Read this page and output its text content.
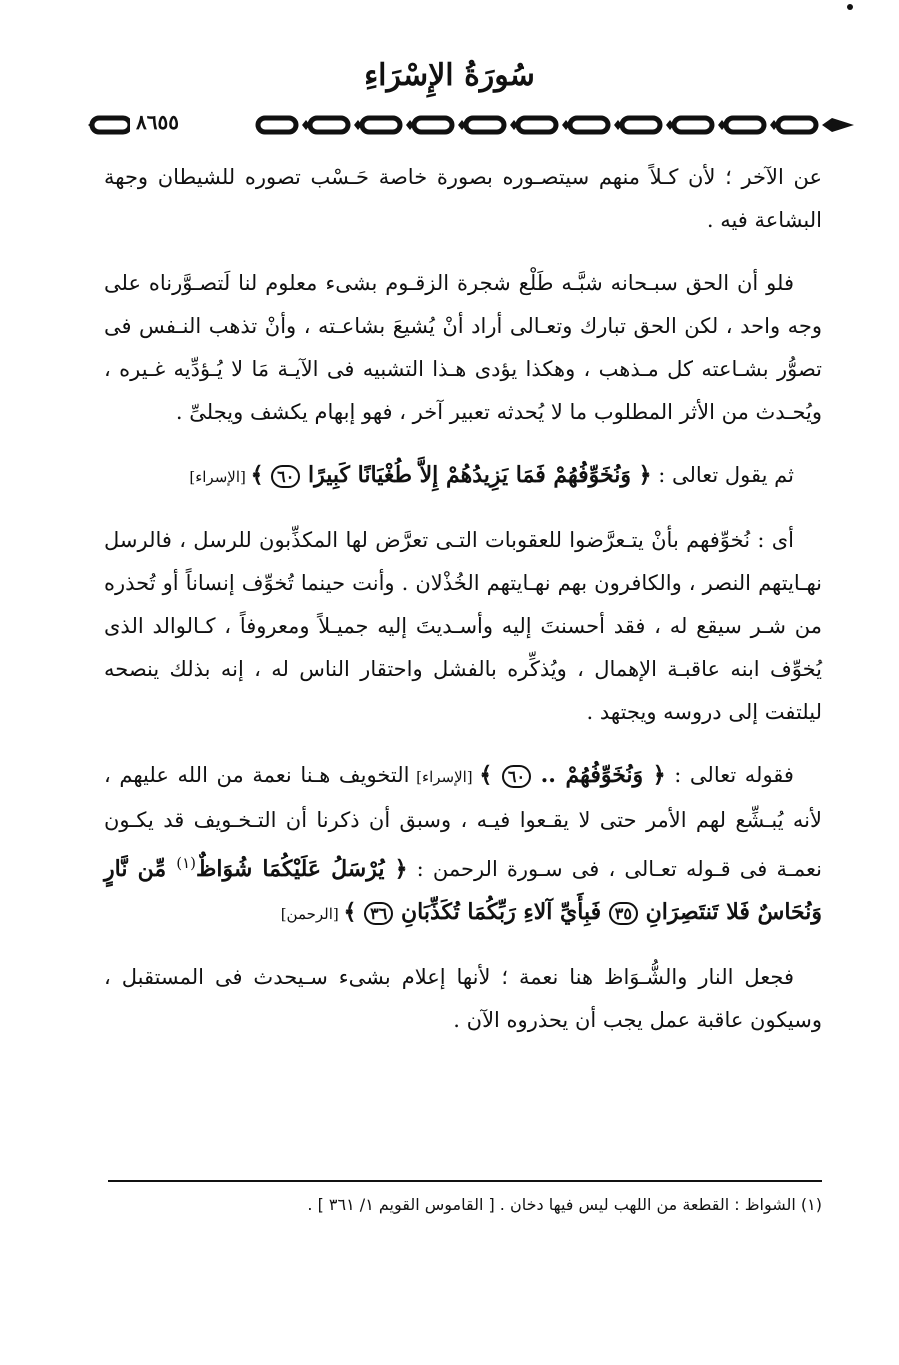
سُورَةُ الإِسْرَاءِ
٨٦٥٥

عن الآخر ؛ لأن كـلاً منهم سيتصـوره بصورة خاصة حَـسْب تصوره للشيطان وجهة البشاعة فيه .

فلو أن الحق سبـحانه شبَّـه طَلْع شجرة الزقـوم بشىء معلوم لنا لَتصـوَّرناه على وجه واحد ، لكن الحق تبارك وتعـالى أراد أنْ يُشيعَ بشاعـته ، وأنْ تذهب النـفس فى تصوُّر بشـاعته كل مـذهب ، وهكذا يؤدى هـذا التشبيه فى الآيـة مَا لا يُـؤدِّيه غـيره ، ويُحـدث من الأثر المطلوب ما لا يُحدثه تعبير آخر ، فهو إبهام يكشف ويجلىِّ .

ثم يقول تعالى : ﴿ وَنُخَوِّفُهُمْ فَمَا يَزِيدُهُمْ إِلاَّ طُغْيَانًا كَبِيرًا ٦٠ ﴾ [الإسراء]

أى : نُخوِّفهم بأنْ يتـعرَّضوا للعقوبات التـى تعرَّض لها المكذِّبون للرسل ، فالرسل نهـايتهم النصر ، والكافرون بهم نهـايتهم الخُذْلان . وأنت حينما تُخوِّف إنساناً أو تُحذره من شـر سيقع له ، فقد أحسنتَ إليه وأسـديتَ إليه جميـلاً ومعروفاً ، كـالوالد الذى يُخوِّف ابنه عاقبـة الإهمال ، ويُذكِّره بالفشل واحتقار الناس له ، إنه بذلك ينصحه ليلتفت إلى دروسه ويجتهد .

فقوله تعالى : ﴿ وَنُخَوِّفُهُمْ .. ٦٠ ﴾ [الإسراء] التخويف هـنا نعمة من الله عليهم ، لأنه يُبـشِّع لهم الأمر حتى لا يقـعوا فيـه ، وسبق أن ذكرنا أن التـخـويف قد يكـون نعمـة فى قـوله تعـالى ، فى سـورة الرحمن : ﴿ يُرْسَلُ عَلَيْكُمَا شُوَاظٌ$^{(١)}$ مِّن نَّارٍ وَنُحَاسٌ فَلا تَنتَصِرَانِ ٣٥ فَبِأَيِّ آلاءِ رَبِّكُمَا تُكَذِّبَانِ ٣٦ ﴾ [الرحمن]

فجعل النار والشُّـوَاظ هنا نعمة ؛ لأنها إعلام بشىء سـيحدث فى المستقبل ، وسيكون عاقبة عمل يجب أن يحذروه الآن .

(١) الشواظ : القطعة من اللهب ليس فيها دخان . [ القاموس القويم ١/ ٣٦١ ] .
